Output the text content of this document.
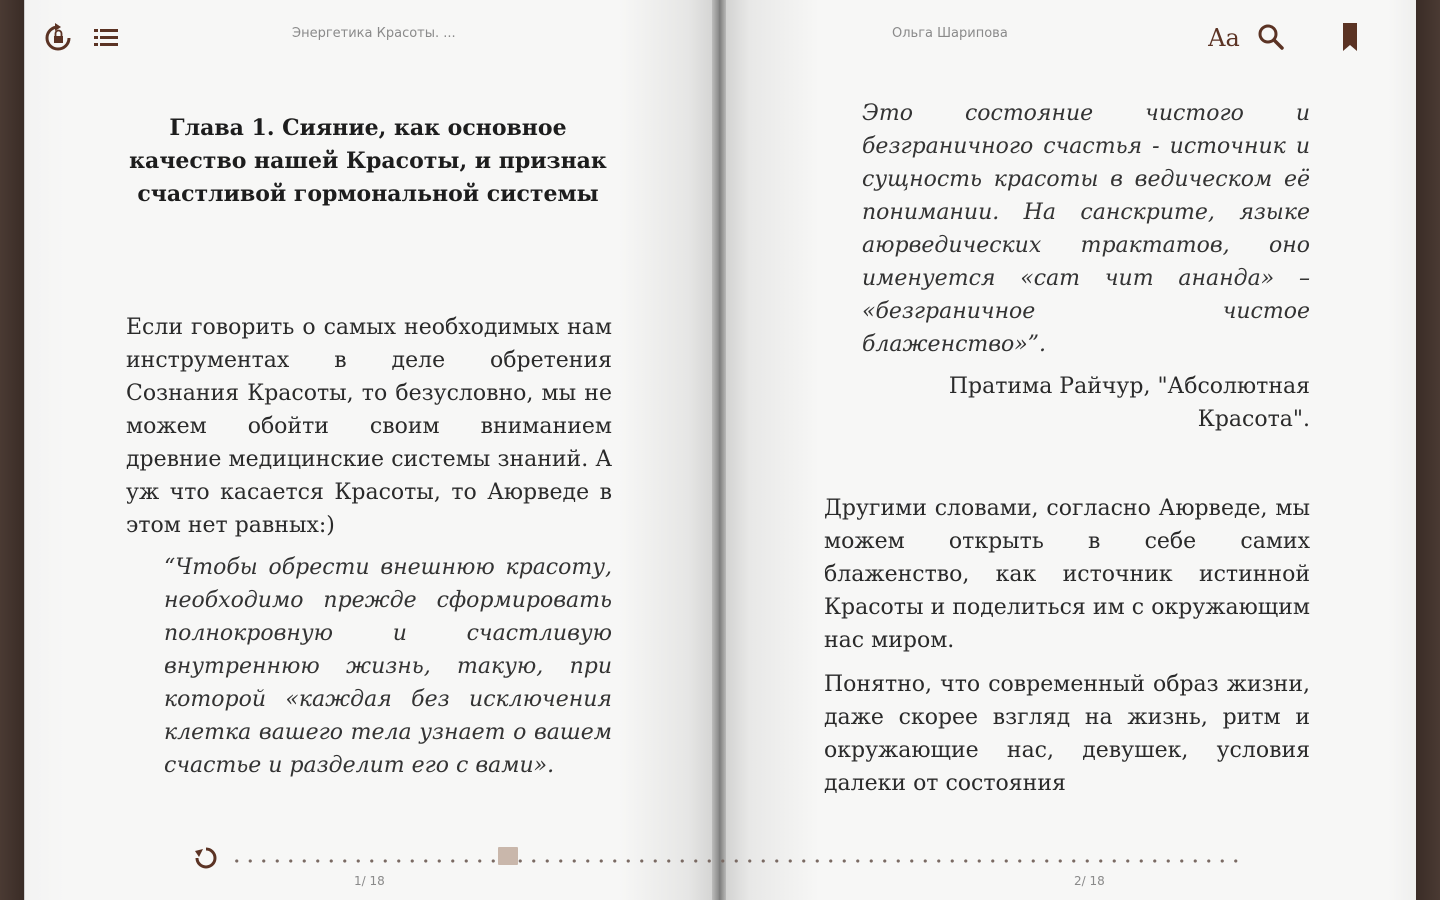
Энергетика Красоты. ...	Ольга Шарипова	Aa
Глава 1. Сияние, как основное качество нашей Красоты, и признак счастливой гормональной системы

Если говорить о самых необходимых нам инструментах в деле обретения Сознания Красоты, то безусловно, мы не можем обойти своим вниманием древние медицинские системы знаний. А уж что касается Красоты, то Аюрведе в этом нет равных:)

“Чтобы обрести внешнюю красоту, необходимо прежде сформировать полнокровную и счастливую внутреннюю жизнь, такую, при которой «каждая без исключения клетка вашего тела узнает о вашем счастье и разделит его с вами».

Это состояние чистого и безграничного счастья - источник и сущность красоты в ведическом её понимании. На санскрите, языке аюрведических трактатов, оно именуется «сат чит ананда» – «безграничное чистое блаженство»”.

Пратима Райчур, "Абсолютная Красота".

Другими словами, согласно Аюрведе, мы можем открыть в себе самих блаженство, как источник истинной Красоты и поделиться им с окружающим нас миром.

Понятно, что современный образ жизни, даже скорее взгляд на жизнь, ритм и окружающие нас, девушек, условия далеки от состояния

1/ 18	2/ 18
